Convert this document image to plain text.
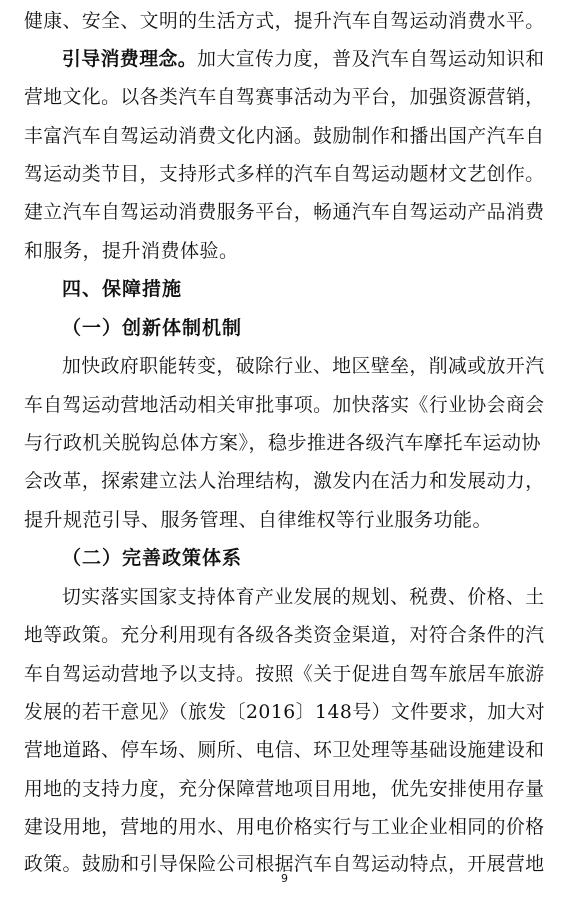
健康、安全、文明的生活方式，提升汽车自驾运动消费水平。
引导消费理念。加大宣传力度，普及汽车自驾运动知识和
营地文化。以各类汽车自驾赛事活动为平台，加强资源营销，
丰富汽车自驾运动消费文化内涵。鼓励制作和播出国产汽车自
驾运动类节目，支持形式多样的汽车自驾运动题材文艺创作。
建立汽车自驾运动消费服务平台，畅通汽车自驾运动产品消费
和服务，提升消费体验。
四、保障措施
（一）创新体制机制
加快政府职能转变，破除行业、地区壁垒，削减或放开汽
车自驾运动营地活动相关审批事项。加快落实《行业协会商会
与行政机关脱钩总体方案》，稳步推进各级汽车摩托车运动协
会改革，探索建立法人治理结构，激发内在活力和发展动力，
提升规范引导、服务管理、自律维权等行业服务功能。
（二）完善政策体系
切实落实国家支持体育产业发展的规划、税费、价格、土
地等政策。充分利用现有各级各类资金渠道，对符合条件的汽
车自驾运动营地予以支持。按照《关于促进自驾车旅居车旅游
发展的若干意见》（旅发〔2016〕148号）文件要求，加大对
营地道路、停车场、厕所、电信、环卫处理等基础设施建设和
用地的支持力度，充分保障营地项目用地，优先安排使用存量
建设用地，营地的用水、用电价格实行与工业企业相同的价格
政策。鼓励和引导保险公司根据汽车自驾运动特点，开展营地
9
